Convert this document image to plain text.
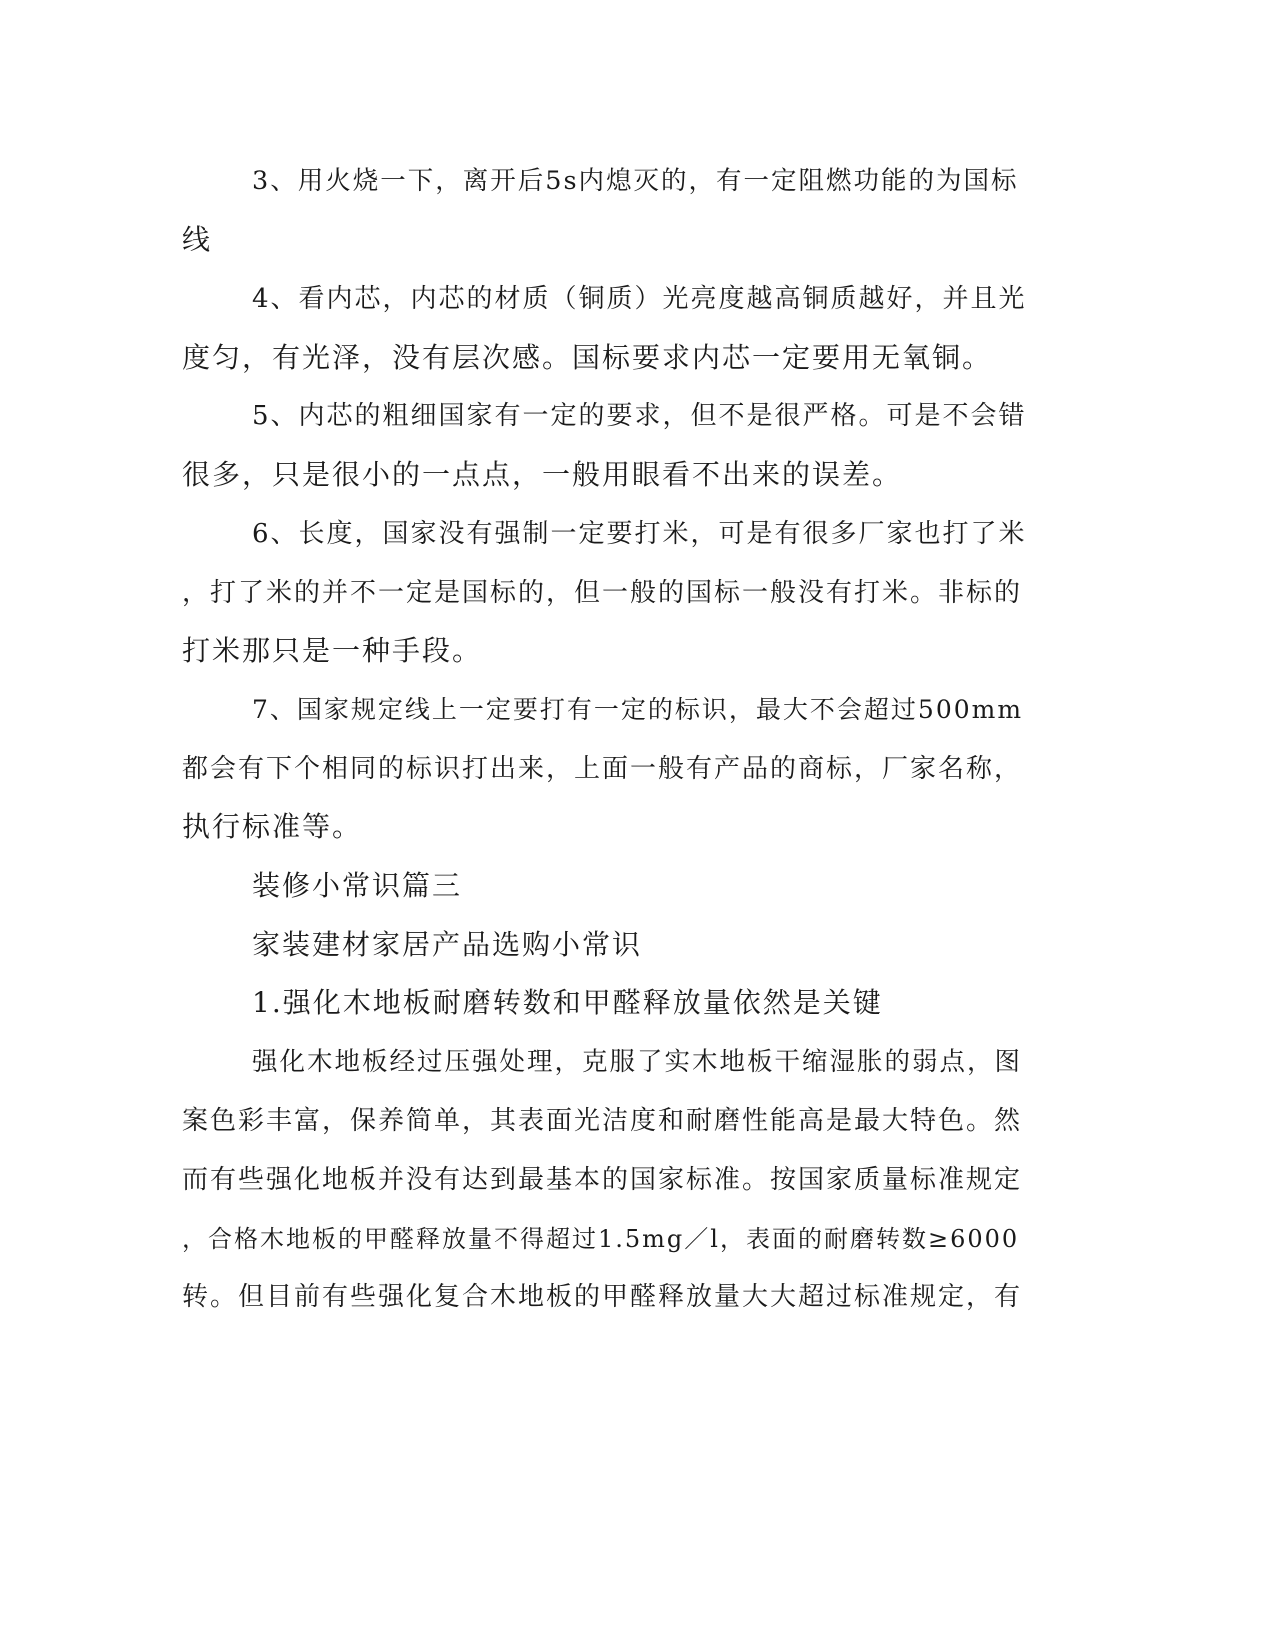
3、用火烧一下，离开后5s内熄灭的，有一定阻燃功能的为国标

线

4、看内芯，内芯的材质（铜质）光亮度越高铜质越好，并且光

度匀，有光泽，没有层次感。国标要求内芯一定要用无氧铜。

5、内芯的粗细国家有一定的要求，但不是很严格。可是不会错

很多，只是很小的一点点，一般用眼看不出来的误差。

6、长度，国家没有强制一定要打米，可是有很多厂家也打了米

，打了米的并不一定是国标的，但一般的国标一般没有打米。非标的

打米那只是一种手段。

7、国家规定线上一定要打有一定的标识，最大不会超过500mm

都会有下个相同的标识打出来，上面一般有产品的商标，厂家名称，

执行标准等。

装修小常识篇三

家装建材家居产品选购小常识

1.强化木地板耐磨转数和甲醛释放量依然是关键

强化木地板经过压强处理，克服了实木地板干缩湿胀的弱点，图

案色彩丰富，保养简单，其表面光洁度和耐磨性能高是最大特色。然

而有些强化地板并没有达到最基本的国家标准。按国家质量标准规定

，合格木地板的甲醛释放量不得超过1.5mg／l，表面的耐磨转数≥6000

转。但目前有些强化复合木地板的甲醛释放量大大超过标准规定，有
